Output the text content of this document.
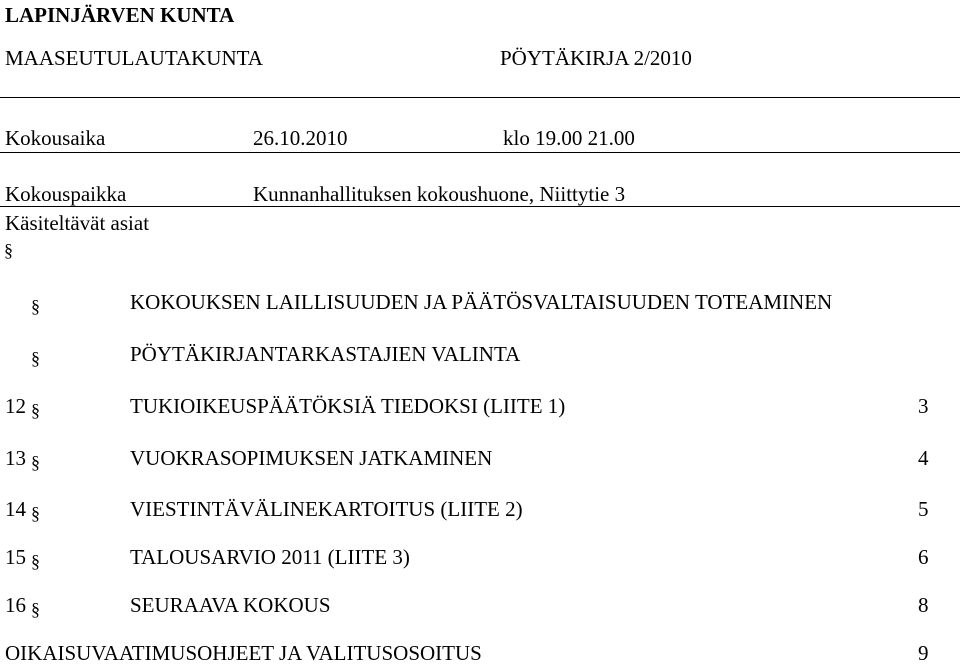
LAPINJÄRVEN KUNTA
MAASEUTULAUTAKUNTA	PÖYTÄKIRJA 2/2010
Kokousaika	26.10.2010	klo 19.00 21.00
Kokouspaikka	Kunnanhallituksen kokoushuone, Niittytie 3
Käsiteltävät asiat
§
§	KOKOUKSEN LAILLISUUDEN JA PÄÄTÖSVALTAISUUDEN TOTEAMINEN
§	PÖYTÄKIRJANTARKASTAJIEN VALINTA
12 §	TUKIOIKEUSPÄÄTÖKSIÄ TIEDOKSI (LIITE 1)	3
13 §	VUOKRASOPIMUKSEN JATKAMINEN	4
14 §	VIESTINTÄVÄLINEKARTOITUS (LIITE 2)	5
15 §	TALOUSARVIO 2011 (LIITE 3)	6
16 §	SEURAAVA KOKOUS	8
OIKAISUVAATIMUSOHJEET JA VALITUSOSOITUS	9
